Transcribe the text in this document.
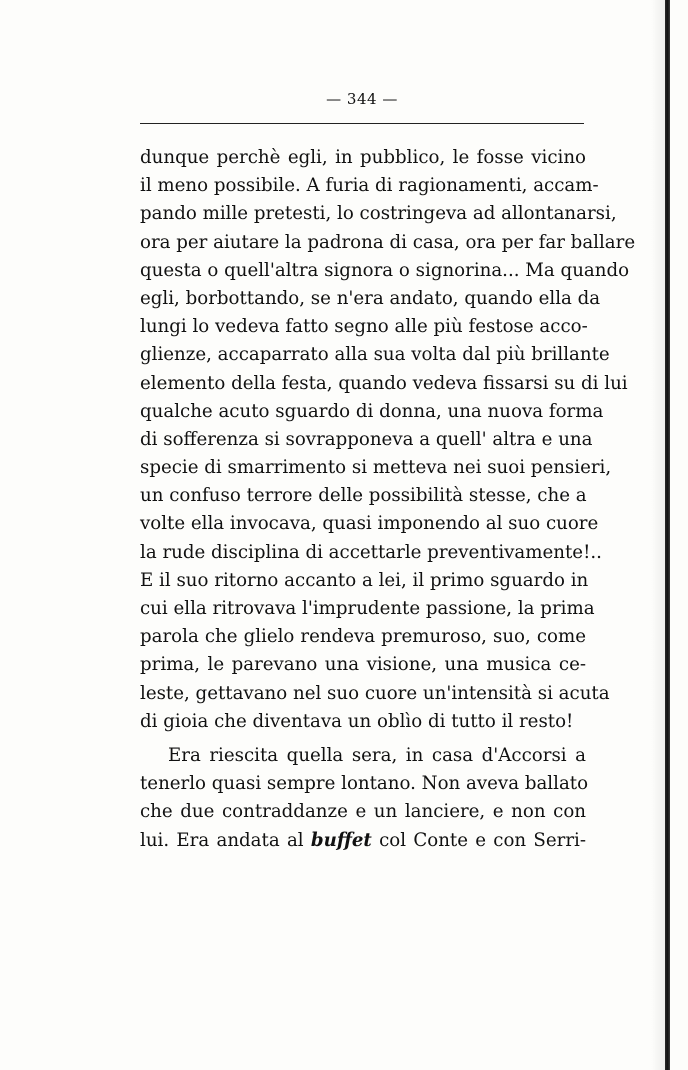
— 344 —
dunque perchè egli, in pubblico, le fosse vicino
il meno possibile. A furia di ragionamenti, accam-
pando mille pretesti, lo costringeva ad allontanarsi,
ora per aiutare la padrona di casa, ora per far ballare
questa o quell'altra signora o signorina... Ma quando
egli, borbottando, se n'era andato, quando ella da
lungi lo vedeva fatto segno alle più festose acco-
glienze, accaparrato alla sua volta dal più brillante
elemento della festa, quando vedeva fissarsi su di lui
qualche acuto sguardo di donna, una nuova forma
di sofferenza si sovrapponeva a quell' altra e una
specie di smarrimento si metteva nei suoi pensieri,
un confuso terrore delle possibilità stesse, che a
volte ella invocava, quasi imponendo al suo cuore
la rude disciplina di accettarle preventivamente!..
E il suo ritorno accanto a lei, il primo sguardo in
cui ella ritrovava l'imprudente passione, la prima
parola che glielo rendeva premuroso, suo, come
prima, le parevano una visione, una musica ce-
leste, gettavano nel suo cuore un'intensità si acuta
di gioia che diventava un oblìo di tutto il resto!
Era riescita quella sera, in casa d'Accorsi a
tenerlo quasi sempre lontano. Non aveva ballato
che due contraddanze e un lanciere, e non con
lui. Era andata al buffet col Conte e con Serri-
